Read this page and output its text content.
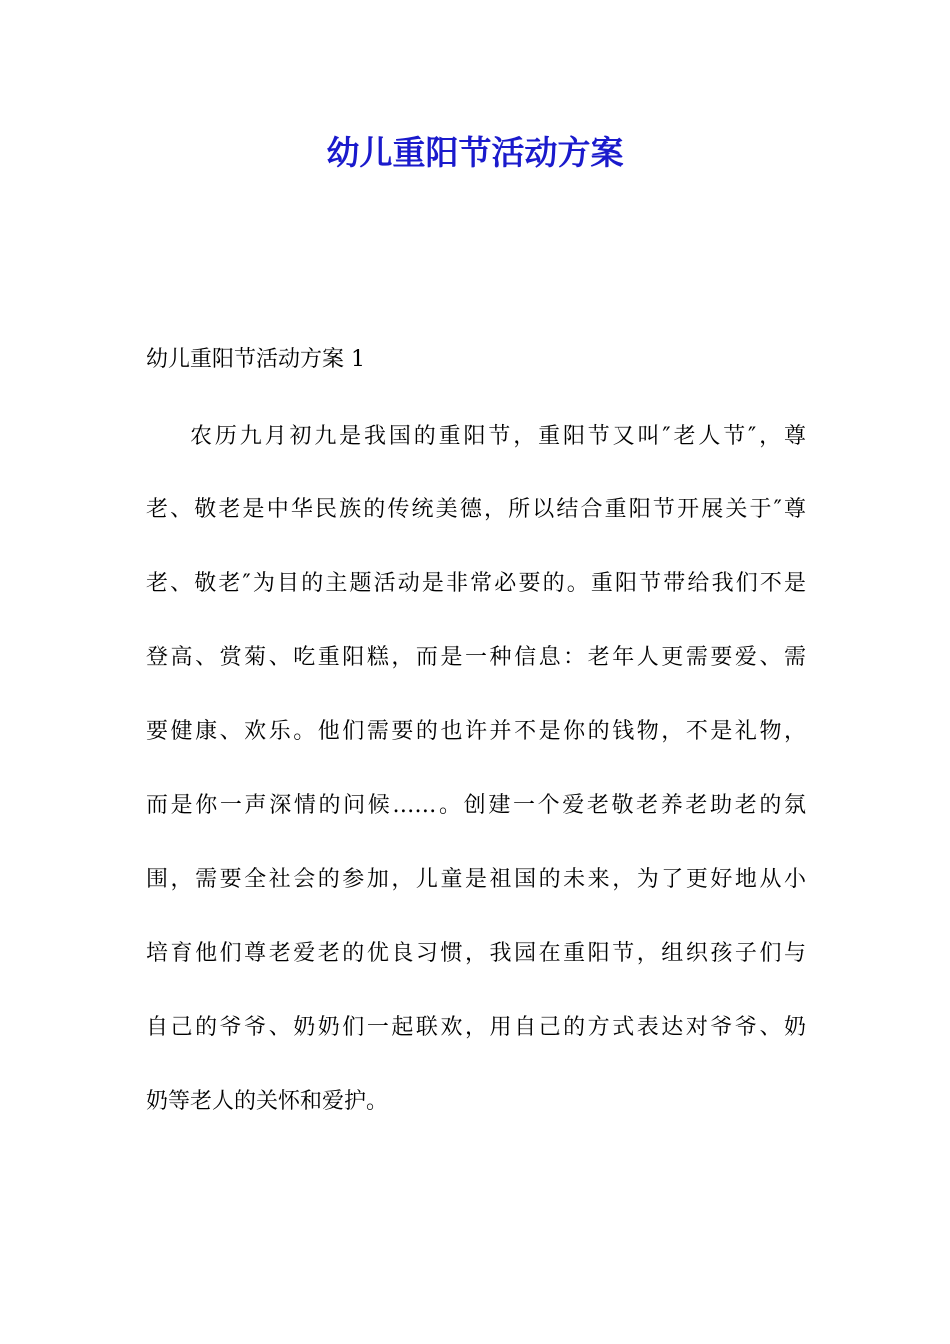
幼儿重阳节活动方案

幼儿重阳节活动方案 1

农历九月初九是我国的重阳节，重阳节又叫″老人节″，尊

老、敬老是中华民族的传统美德，所以结合重阳节开展关于″尊

老、敬老″为目的主题活动是非常必要的。重阳节带给我们不是

登高、赏菊、吃重阳糕，而是一种信息：老年人更需要爱、需

要健康、欢乐。他们需要的也许并不是你的钱物，不是礼物，

而是你一声深情的问候……。创建一个爱老敬老养老助老的氛

围，需要全社会的参加，儿童是祖国的未来，为了更好地从小

培育他们尊老爱老的优良习惯，我园在重阳节，组织孩子们与

自己的爷爷、奶奶们一起联欢，用自己的方式表达对爷爷、奶

奶等老人的关怀和爱护。
